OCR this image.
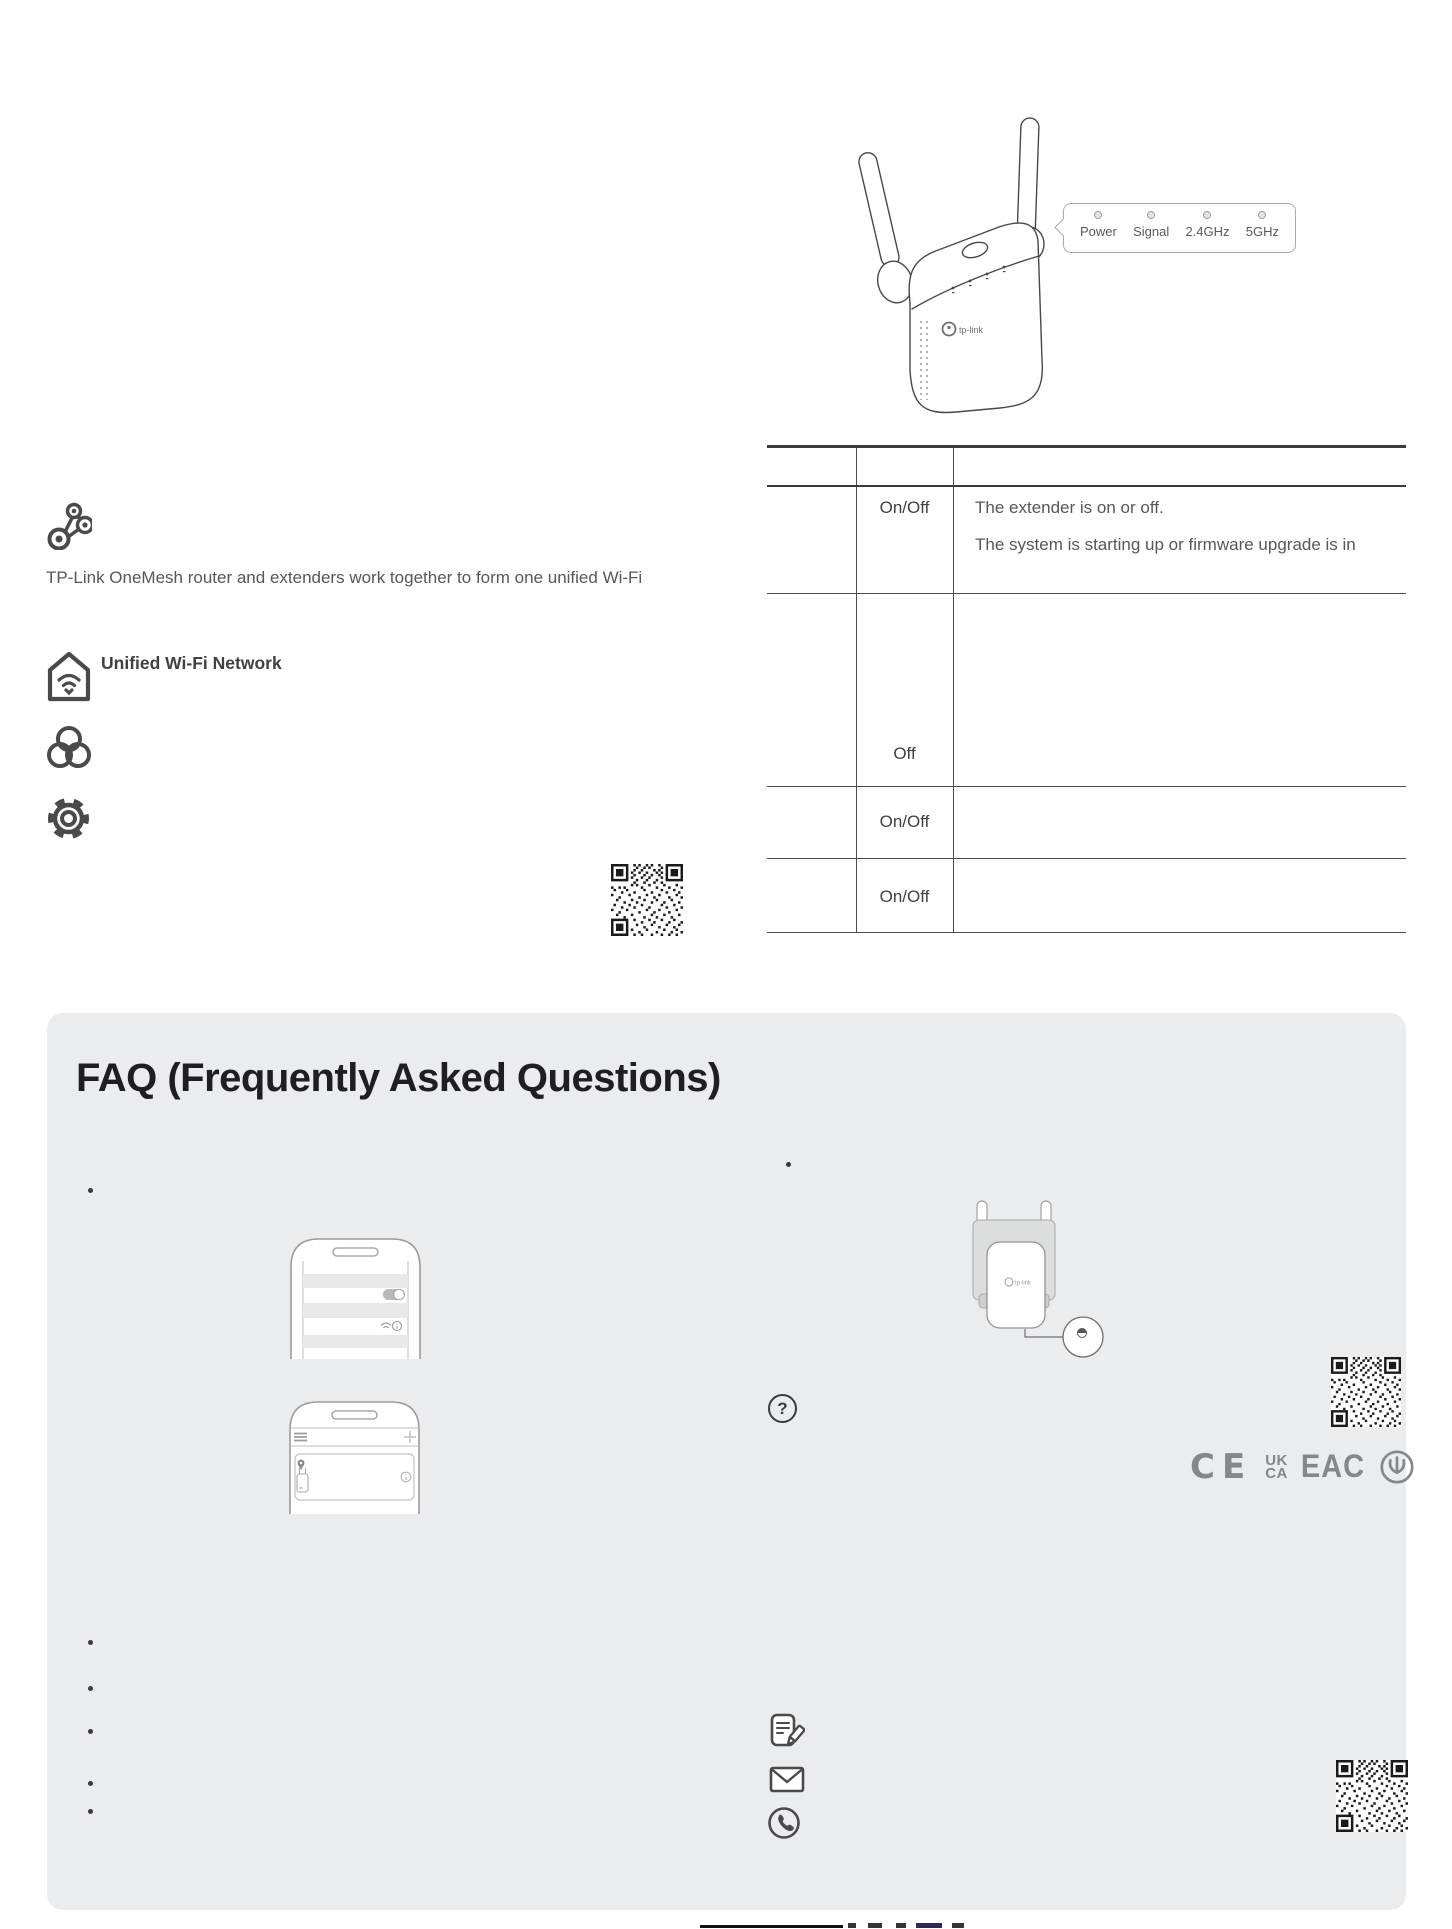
tp-link
Power Signal 2.4GHz 5GHz
On/Off	The extender is on or off.
The system is starting up or firmware upgrade is in
Off
On/Off
On/Off
TP-Link OneMesh router and extenders work together to form one unified Wi-Fi
Unified Wi-Fi Network
FAQ (Frequently Asked Questions)
tp-link
?
CE UK
CA EAC
